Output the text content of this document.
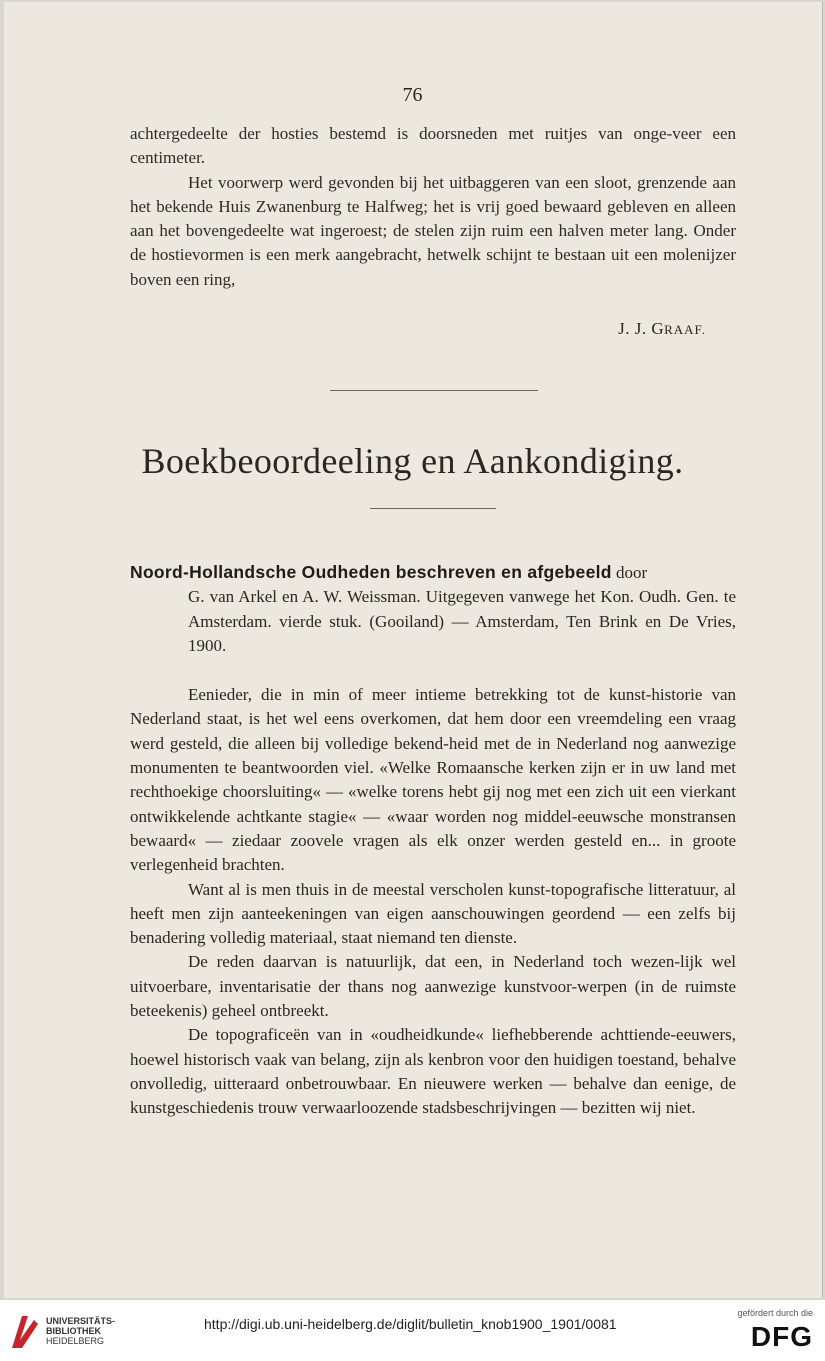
76

achtergedeelte der hosties bestemd is doorsneden met ruitjes van onge-veer een centimeter.

Het voorwerp werd gevonden bij het uitbaggeren van een sloot, grenzende aan het bekende Huis Zwanenburg te Halfweg; het is vrij goed bewaard gebleven en alleen aan het bovengedeelte wat ingeroest; de stelen zijn ruim een halven meter lang. Onder de hostievormen is een merk aangebracht, hetwelk schijnt te bestaan uit een molenijzer boven een ring,

J. J. GRAAF.
Boekbeoordeeling en Aankondiging.
Noord-Hollandsche Oudheden beschreven en afgebeeld door
G. van Arkel en A. W. Weissman. Uitgegeven vanwege het Kon. Oudh. Gen. te Amsterdam. vierde stuk. (Gooiland) — Amsterdam, Ten Brink en De Vries, 1900.

Eenieder, die in min of meer intieme betrekking tot de kunst-historie van Nederland staat, is het wel eens overkomen, dat hem door een vreemdeling een vraag werd gesteld, die alleen bij volledige bekend-heid met de in Nederland nog aanwezige monumenten te beantwoorden viel. «Welke Romaansche kerken zijn er in uw land met rechthoekige choorsluiting« — «welke torens hebt gij nog met een zich uit een vierkant ontwikkelende achtkante stagie« — «waar worden nog middel-eeuwsche monstransen bewaard« — ziedaar zoovele vragen als elk onzer werden gesteld en... in groote verlegenheid brachten.

Want al is men thuis in de meestal verscholen kunst-topografische litteratuur, al heeft men zijn aanteekeningen van eigen aanschouwingen geordend — een zelfs bij benadering volledig materiaal, staat niemand ten dienste.

De reden daarvan is natuurlijk, dat een, in Nederland toch wezen-lijk wel uitvoerbare, inventarisatie der thans nog aanwezige kunstvoor-werpen (in de ruimste beteekenis) geheel ontbreekt.

De topograficeën van in «oudheidkunde« liefhebberende achttiende-eeuwers, hoewel historisch vaak van belang, zijn als kenbron voor den huidigen toestand, behalve onvolledig, uitteraard onbetrouwbaar. En nieuwere werken — behalve dan eenige, de kunstgeschiedenis trouw verwaarloozende stadsbeschrijvingen — bezitten wij niet.

UNIVERSITÄTS-
BIBLIOTHEK
HEIDELBERG
http://digi.ub.uni-heidelberg.de/diglit/bulletin_knob1900_1901/0081
gefördert durch die
DFG
